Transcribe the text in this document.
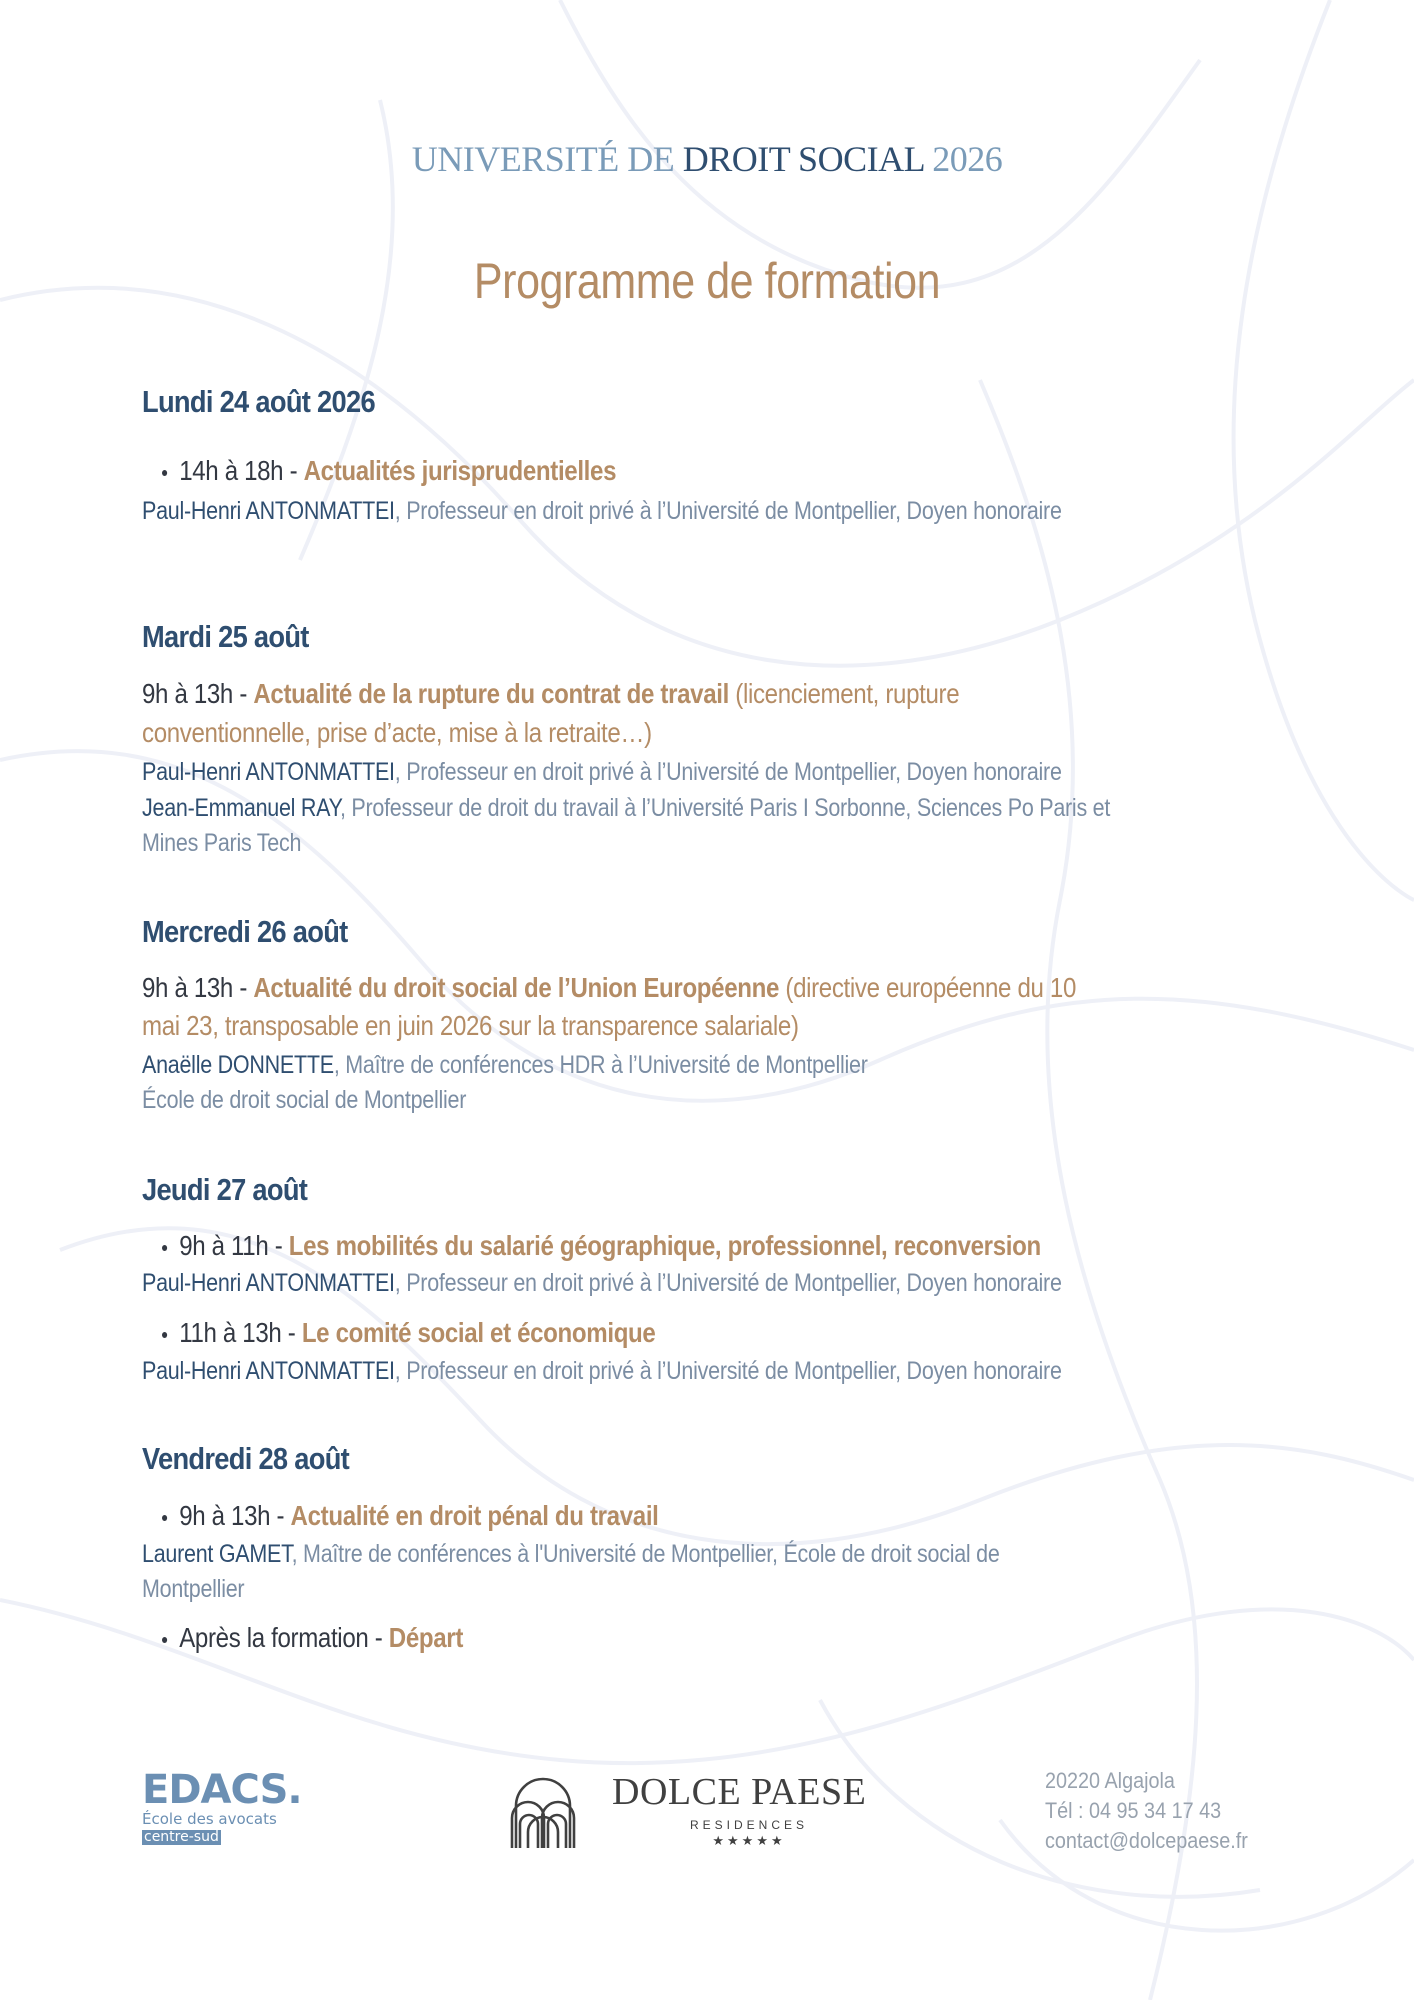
UNIVERSITÉ DE DROIT SOCIAL 2026
Programme de formation
Lundi 24 août 2026
14h à 18h - Actualités jurisprudentielles
Paul-Henri ANTONMATTEI, Professeur en droit privé à l’Université de Montpellier, Doyen honoraire
Mardi 25 août
9h à 13h - Actualité de la rupture du contrat de travail (licenciement, rupture
conventionnelle, prise d’acte, mise à la retraite…)
Paul-Henri ANTONMATTEI, Professeur en droit privé à l’Université de Montpellier, Doyen honoraire
Jean-Emmanuel RAY, Professeur de droit du travail à l’Université Paris I Sorbonne, Sciences Po Paris et
Mines Paris Tech
Mercredi 26 août
9h à 13h - Actualité du droit social de l’Union Européenne (directive européenne du 10
mai 23, transposable en juin 2026 sur la transparence salariale)
Anaëlle DONNETTE, Maître de conférences HDR à l’Université de Montpellier
École de droit social de Montpellier
Jeudi 27 août
9h à 11h - Les mobilités du salarié géographique, professionnel, reconversion
Paul-Henri ANTONMATTEI, Professeur en droit privé à l’Université de Montpellier, Doyen honoraire
11h à 13h - Le comité social et économique
Paul-Henri ANTONMATTEI, Professeur en droit privé à l’Université de Montpellier, Doyen honoraire
Vendredi 28 août
9h à 13h - Actualité en droit pénal du travail
Laurent GAMET, Maître de conférences à l'Université de Montpellier, École de droit social de
Montpellier
Après la formation - Départ
EDACS.
École des avocats
centre-sud
DOLCE PAESE
RESIDENCES
★★★★★
20220 Algajola
Tél : 04 95 34 17 43
contact@dolcepaese.fr
